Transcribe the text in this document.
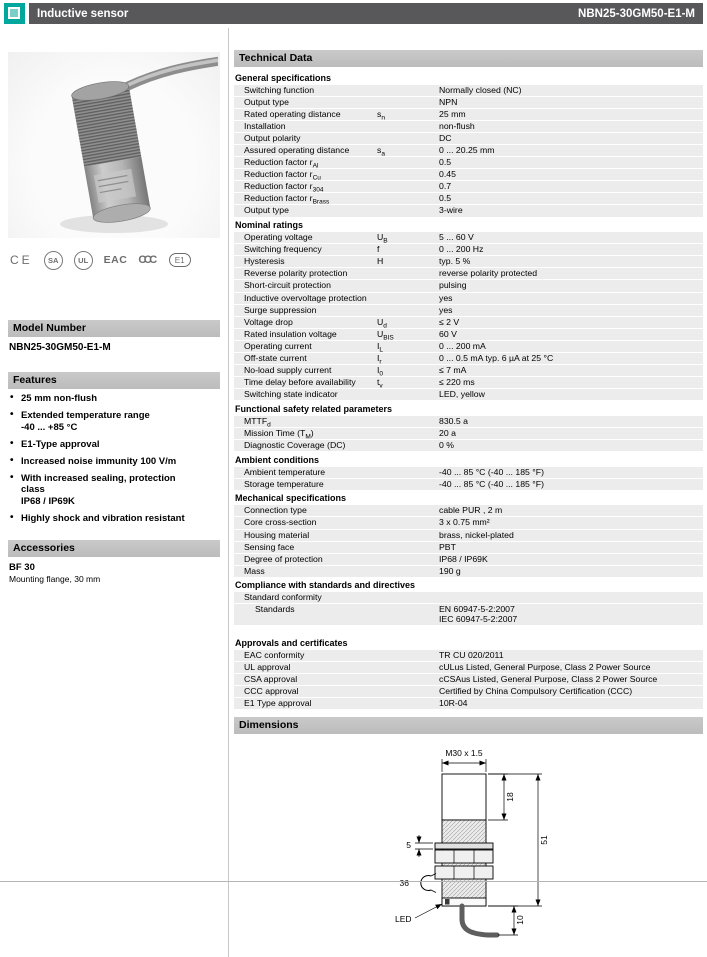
Inductive sensor	NBN25-30GM50-E1-M
CE	SA	UL	EAC CCC	E1
Model Number
NBN25-30GM50-E1-M
Features
• 25 mm non-flush
• Extended temperature range
-40 ... +85 °C
• E1-Type approval
• Increased noise immunity 100 V/m
• With increased sealing, protection
class
IP68 / IP69K
• Highly shock and vibration resistant
Accessories
BF 30
Mounting flange, 30 mm
Technical Data
General specifications
Switching function	Normally closed (NC)
Output type	NPN
Rated operating distance	$s_n$	25 mm
Installation	non-flush
Output polarity	DC
Assured operating distance	$s_a$	0 ... 20.25 mm
Reduction factor $r_{Al}$	0.5
Reduction factor $r_{Cu}$	0.45
Reduction factor $r_{304}$	0.7
Reduction factor $r_{Brass}$	0.5
Output type	3-wire
Nominal ratings
Operating voltage	$U_B$	5 ... 60 V
Switching frequency	f	0 ... 200 Hz
Hysteresis	H	typ. 5 %
Reverse polarity protection	reverse polarity protected
Short-circuit protection	pulsing
Inductive overvoltage protection	yes
Surge suppression	yes
Voltage drop	$U_d$	≤ 2 V
Rated insulation voltage	$U_{BIS}$	60 V
Operating current	$I_L$	0 ... 200 mA
Off-state current	$I_r$	0 ... 0.5 mA typ. 6 µA at 25 °C
No-load supply current	$I_0$	≤ 7 mA
Time delay before availability	$t_v$	≤ 220 ms
Switching state indicator	LED, yellow
Functional safety related parameters
$MTTF_d$	830.5 a
Mission Time $(T_M)$	20 a
Diagnostic Coverage (DC)	0 %
Ambient conditions
Ambient temperature	-40 ... 85 °C (-40 ... 185 °F)
Storage temperature	-40 ... 85 °C (-40 ... 185 °F)
Mechanical specifications
Connection type	cable PUR , 2 m
Core cross-section	3 x 0.75 mm²
Housing material	brass, nickel-plated
Sensing face	PBT
Degree of protection	IP68 / IP69K
Mass	190 g
Compliance with standards and directives
Standard conformity
Standards	EN 60947-5-2:2007
IEC 60947-5-2:2007
Approvals and certificates
EAC conformity	TR CU 020/2011
UL approval	cULus Listed, General Purpose, Class 2 Power Source
CSA approval	cCSAus Listed, General Purpose, Class 2 Power Source
CCC approval	Certified by China Compulsory Certification (CCC)
E1 Type approval	10R-04
Dimensions
M30 x 1.5
18
51
5
36
10
LED
